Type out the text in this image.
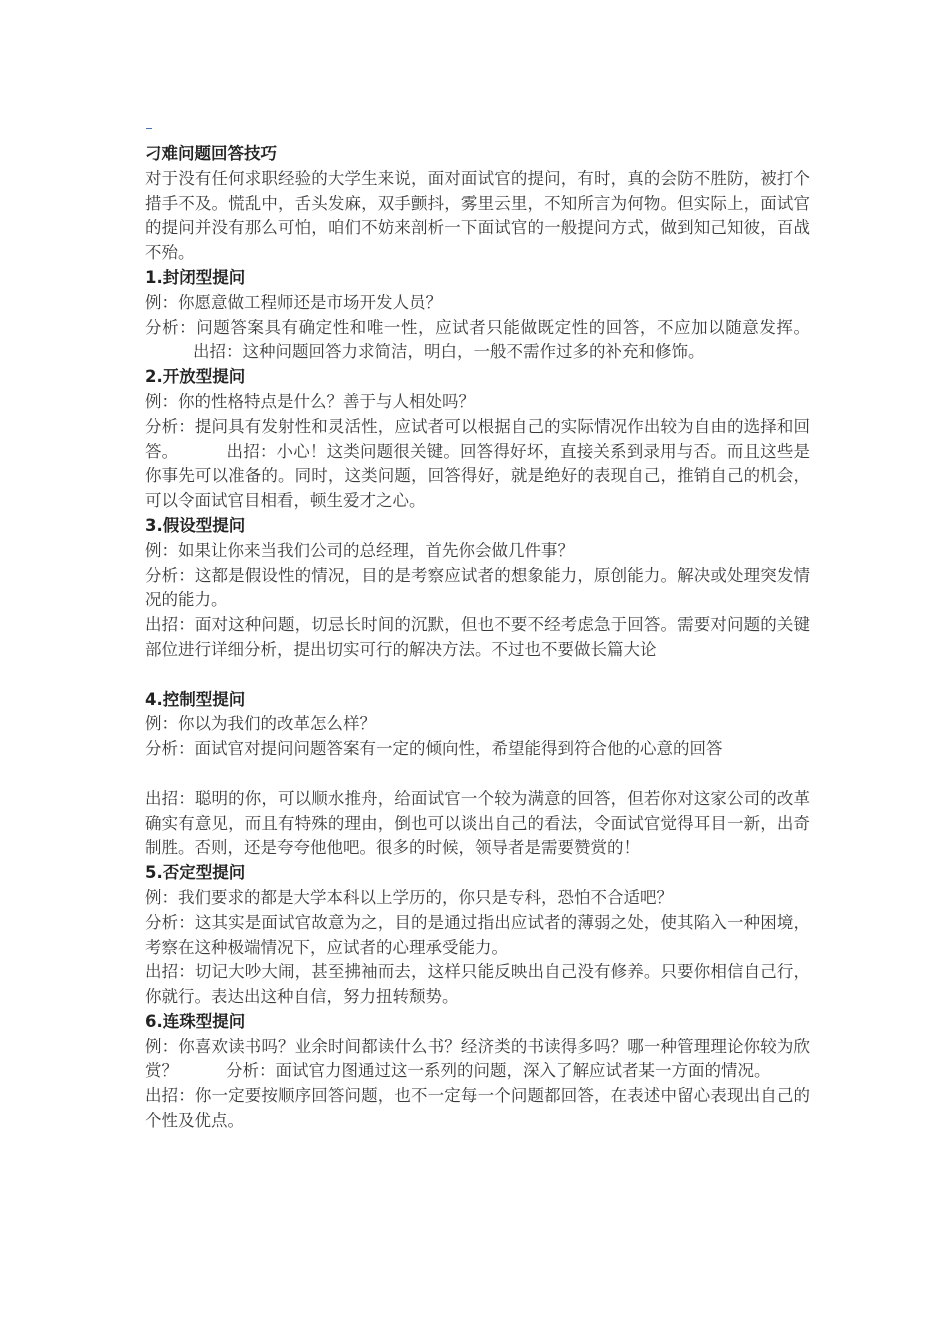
刁难问题回答技巧

对于没有任何求职经验的大学生来说，面对面试官的提问，有时，真的会防不胜防，被打个措手不及。慌乱中，舌头发麻，双手颤抖，雾里云里，不知所言为何物。但实际上，面试官的提问并没有那么可怕，咱们不妨来剖析一下面试官的一般提问方式，做到知己知彼，百战不殆。

1.封闭型提问

例：你愿意做工程师还是市场开发人员？

分析：问题答案具有确定性和唯一性，应试者只能做既定性的回答，不应加以随意发挥。出招：这种问题回答力求简洁，明白，一般不需作过多的补充和修饰。

2.开放型提问

例：你的性格特点是什么？善于与人相处吗？

分析：提问具有发射性和灵活性，应试者可以根据自己的实际情况作出较为自由的选择和回答。	出招：小心！这类问题很关键。回答得好坏，直接关系到录用与否。而且这些是你事先可以准备的。同时，这类问题，回答得好，就是绝好的表现自己，推销自己的机会，可以令面试官目相看，顿生爱才之心。

3.假设型提问

例：如果让你来当我们公司的总经理，首先你会做几件事？

分析：这都是假设性的情况，目的是考察应试者的想象能力，原创能力。解决或处理突发情况的能力。

出招：面对这种问题，切忌长时间的沉默，但也不要不经考虑急于回答。需要对问题的关键部位进行详细分析，提出切实可行的解决方法。不过也不要做长篇大论

4.控制型提问

例：你以为我们的改革怎么样？

分析：面试官对提问问题答案有一定的倾向性，希望能得到符合他的心意的回答

出招：聪明的你，可以顺水推舟，给面试官一个较为满意的回答，但若你对这家公司的改革确实有意见，而且有特殊的理由，倒也可以谈出自己的看法，令面试官觉得耳目一新，出奇制胜。否则，还是夸夸他他吧。很多的时候，领导者是需要赞赏的！

5.否定型提问

例：我们要求的都是大学本科以上学历的，你只是专科，恐怕不合适吧？

分析：这其实是面试官故意为之，目的是通过指出应试者的薄弱之处，使其陷入一种困境，考察在这种极端情况下，应试者的心理承受能力。

出招：切记大吵大闹，甚至拂袖而去，这样只能反映出自己没有修养。只要你相信自己行，你就行。表达出这种自信，努力扭转颓势。

6.连珠型提问

例：你喜欢读书吗？业余时间都读什么书？经济类的书读得多吗？哪一种管理理论你较为欣赏？	分析：面试官力图通过这一系列的问题，深入了解应试者某一方面的情况。

出招：你一定要按顺序回答问题，也不一定每一个问题都回答，在表述中留心表现出自己的个性及优点。
